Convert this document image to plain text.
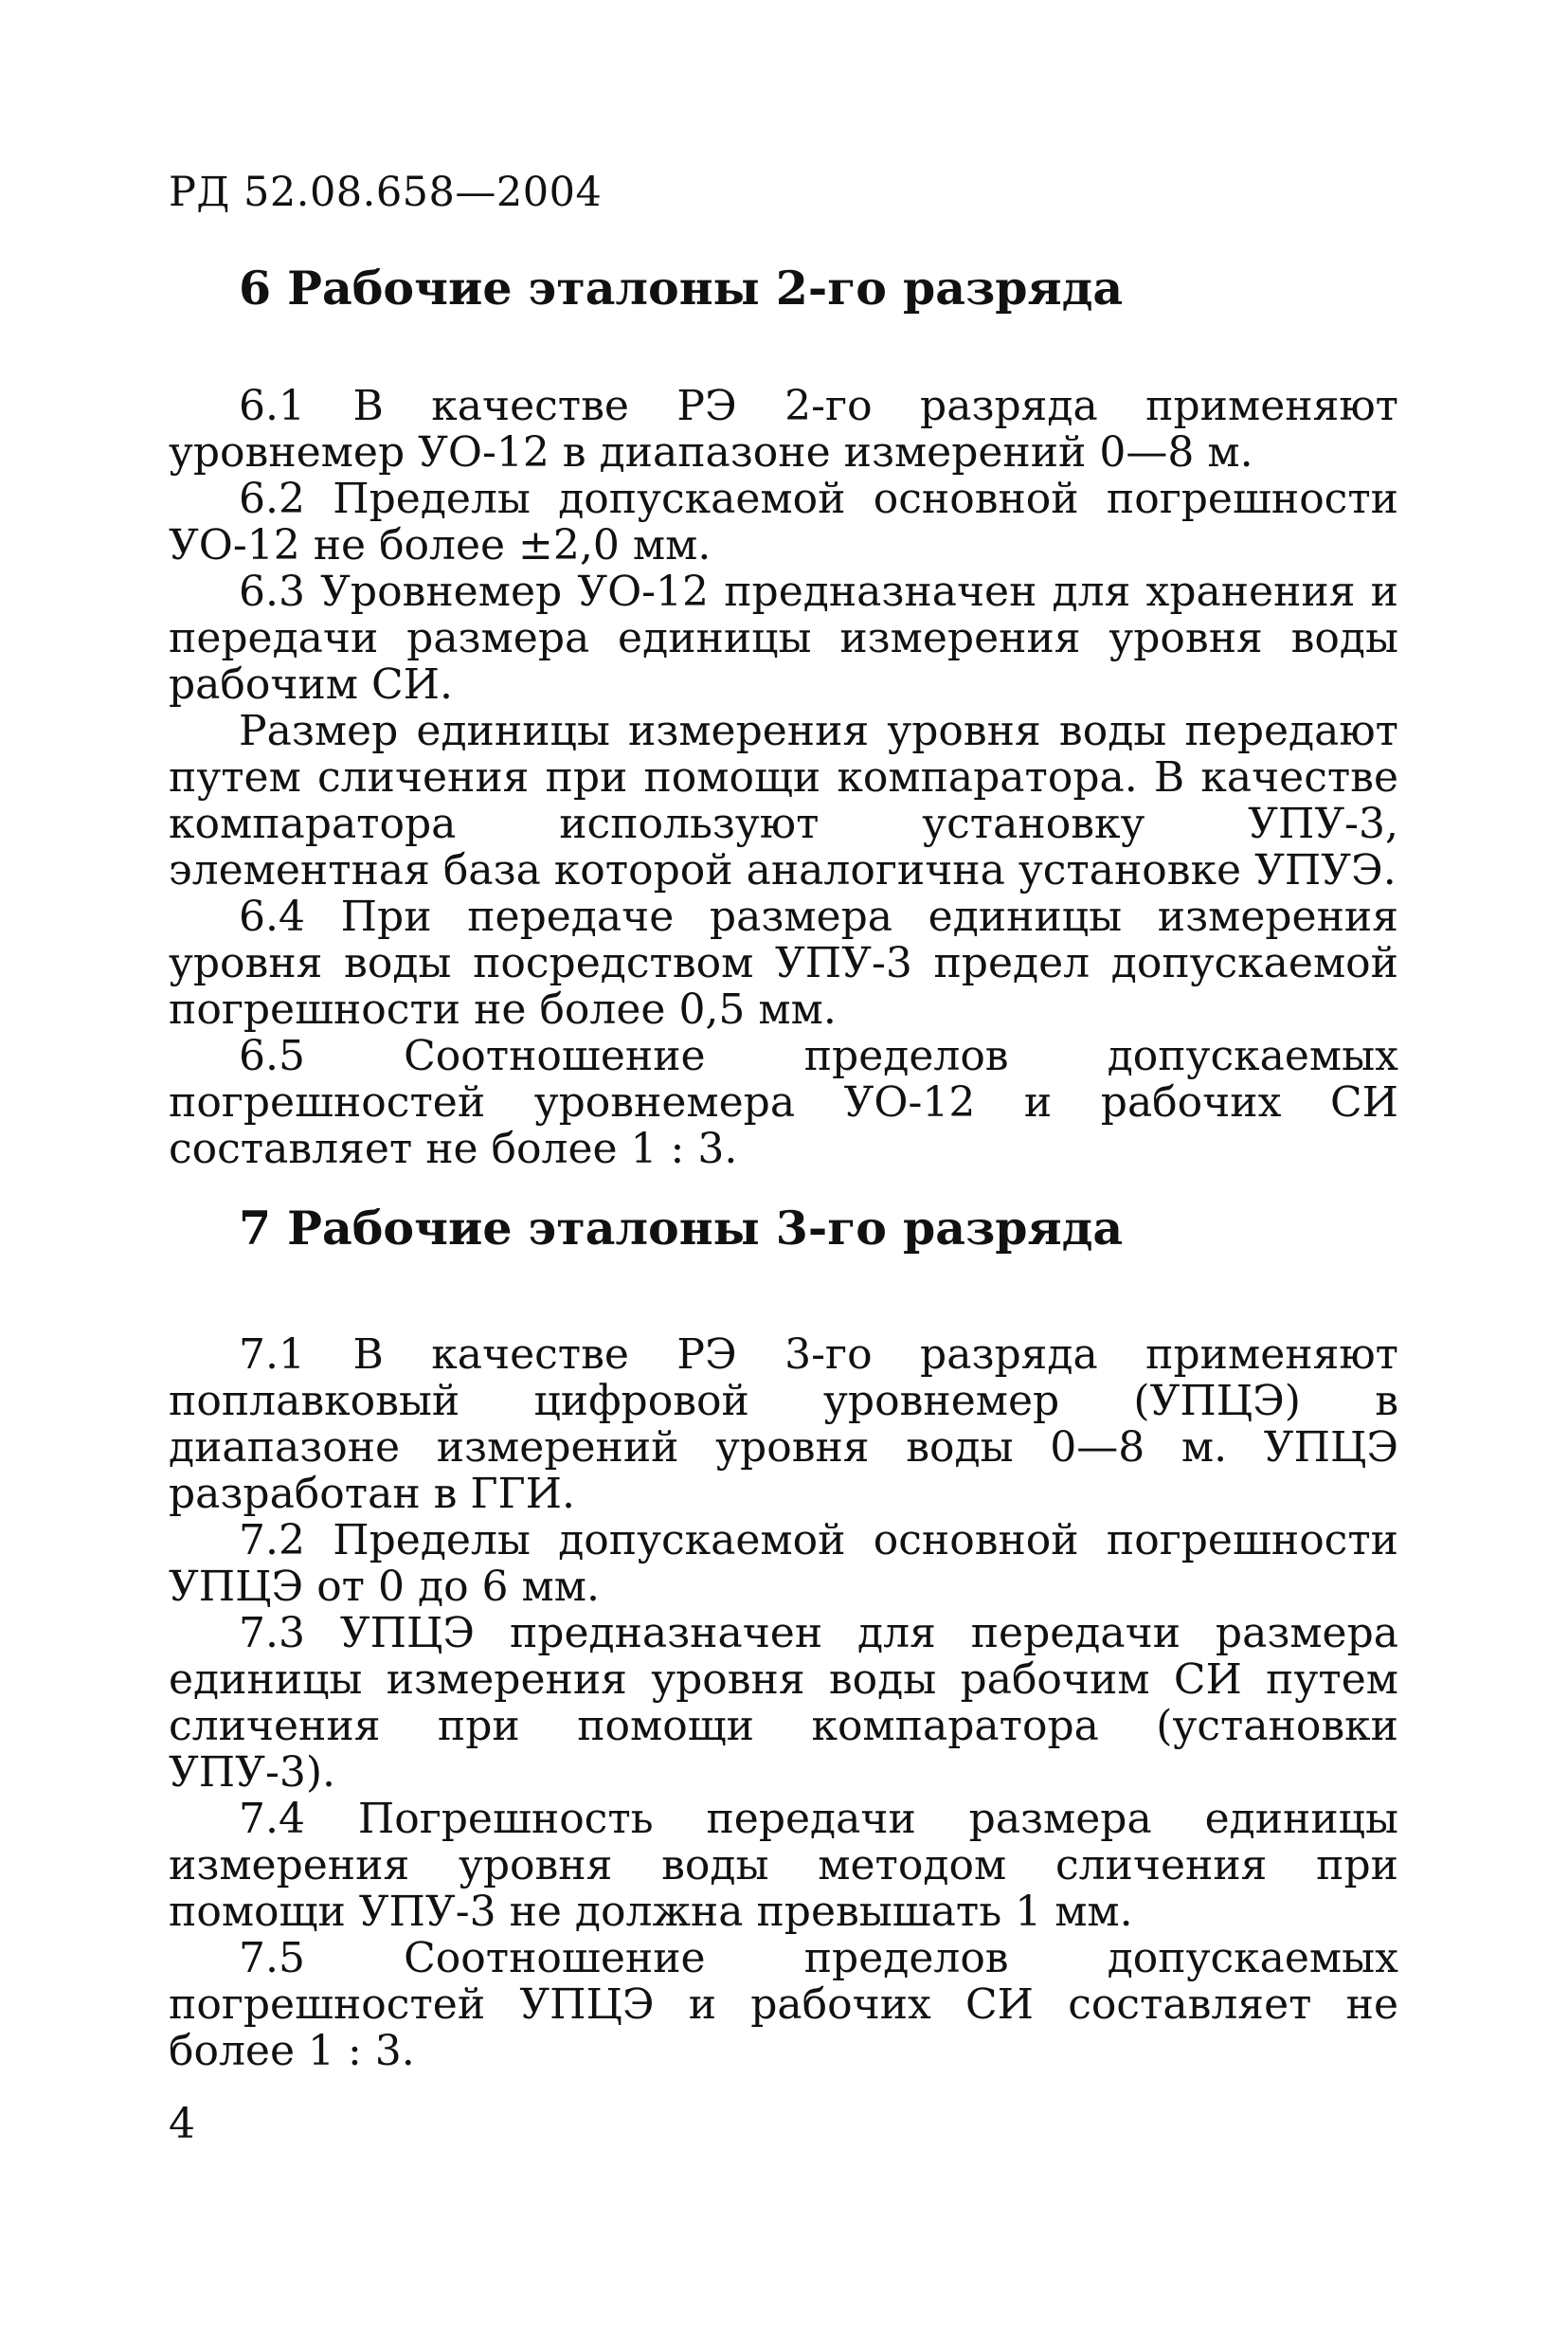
РД 52.08.658—2004
6 Рабочие эталоны 2-го разряда

6.1 В качестве РЭ 2-го разряда применяют уровнемер УО-12 в диапазоне измерений 0—8 м.

6.2 Пределы допускаемой основной погрешности УО-12 не более ±2,0 мм.

6.3 Уровнемер УО-12 предназначен для хранения и передачи размера единицы измерения уровня воды рабочим СИ.

Размер единицы измерения уровня воды передают путем сличения при помощи компаратора. В качестве компаратора используют установку УПУ-3, элементная база которой аналогична установке УПУЭ.

6.4 При передаче размера единицы измерения уровня воды посредством УПУ-3 предел допускаемой погрешности не более 0,5 мм.

6.5 Соотношение пределов допускаемых погрешностей уровнемера УО-12 и рабочих СИ составляет не более 1 : 3.

7 Рабочие эталоны 3-го разряда

7.1 В качестве РЭ 3-го разряда применяют поплавковый цифровой уровнемер (УПЦЭ) в диапазоне измерений уровня воды 0—8 м. УПЦЭ разработан в ГГИ.

7.2 Пределы допускаемой основной погрешности УПЦЭ от 0 до 6 мм.

7.3 УПЦЭ предназначен для передачи размера единицы измерения уровня воды рабочим СИ путем сличения при помощи компаратора (установки УПУ-3).

7.4 Погрешность передачи размера единицы измерения уровня воды методом сличения при помощи УПУ-3 не должна превышать 1 мм.

7.5 Соотношение пределов допускаемых погрешностей УПЦЭ и рабочих СИ составляет не более 1 : 3.

4
